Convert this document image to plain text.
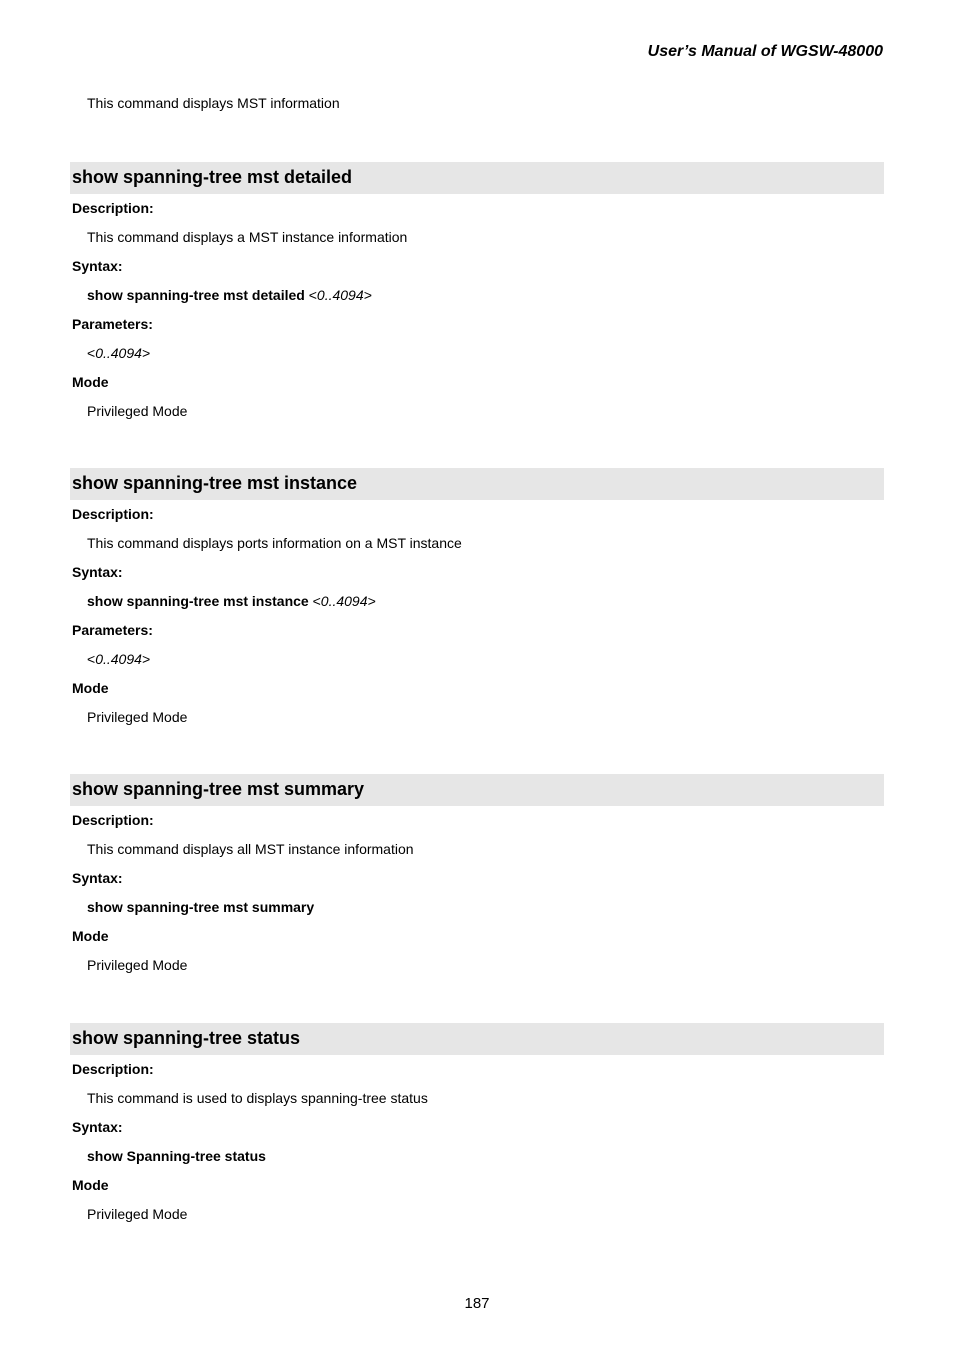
User’s Manual of WGSW-48000
This command displays MST information
show spanning-tree mst detailed
Description:
This command displays a MST instance information
Syntax:
show spanning-tree mst detailed <0..4094>
Parameters:
<0..4094>
Mode
Privileged Mode
show spanning-tree mst instance
Description:
This command displays ports information on a MST instance
Syntax:
show spanning-tree mst instance <0..4094>
Parameters:
<0..4094>
Mode
Privileged Mode
show spanning-tree mst summary
Description:
This command displays all MST instance information
Syntax:
show spanning-tree mst summary
Mode
Privileged Mode
show spanning-tree status
Description:
This command is used to displays spanning-tree status
Syntax:
show Spanning-tree status
Mode
Privileged Mode
187
